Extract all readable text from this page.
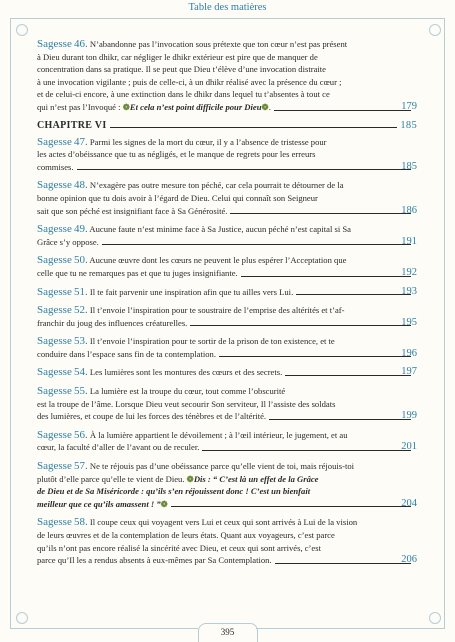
Table des matières
Sagesse 46. N’abandonne pas l’invocation sous prétexte que ton cœur n’est pas présent
à Dieu durant ton dhikr, car négliger le dhikr extérieur est pire que de manquer de
concentration dans sa pratique. Il se peut que Dieu t’élève d’une invocation distraite
à une invocation vigilante ; puis de celle-ci, à un dhikr réalisé avec la présence du cœur ;
et de celui-ci encore, à une extinction dans le dhikr dans lequel tu t’absentes à tout ce
qui n’est pas l’Invoqué : ❁Et cela n’est point difficile pour Dieu❁.	179
CHAPITRE VI	185
Sagesse 47. Parmi les signes de la mort du cœur, il y a l’absence de tristesse pour
les actes d’obéissance que tu as négligés, et le manque de regrets pour les erreurs
commises.	185
Sagesse 48. N’exagère pas outre mesure ton péché, car cela pourrait te détourner de la
bonne opinion que tu dois avoir à l’égard de Dieu. Celui qui connaît son Seigneur
sait que son péché est insignifiant face à Sa Générosité.	186
Sagesse 49. Aucune faute n’est minime face à Sa Justice, aucun péché n’est capital si Sa
Grâce s’y oppose.	191
Sagesse 50. Aucune œuvre dont les cœurs ne peuvent le plus espérer l’Acceptation que
celle que tu ne remarques pas et que tu juges insignifiante.	192
Sagesse 51. Il te fait parvenir une inspiration afin que tu ailles vers Lui.	193
Sagesse 52. Il t’envoie l’inspiration pour te soustraire de l’emprise des altérités et t’af-
franchir du joug des influences créaturelles.	195
Sagesse 53. Il t’envoie l’inspiration pour te sortir de la prison de ton existence, et te
conduire dans l’espace sans fin de ta contemplation.	196
Sagesse 54. Les lumières sont les montures des cœurs et des secrets.	197
Sagesse 55. La lumière est la troupe du cœur, tout comme l’obscurité
est la troupe de l’âme. Lorsque Dieu veut secourir Son serviteur, Il l’assiste des soldats
des lumières, et coupe de lui les forces des ténèbres et de l’altérité.	199
Sagesse 56. À la lumière appartient le dévoilement ; à l’œil intérieur, le jugement, et au
cœur, la faculté d’aller de l’avant ou de reculer.	201
Sagesse 57. Ne te réjouis pas d’une obéissance parce qu’elle vient de toi, mais réjouis-toi
plutôt d’elle parce qu’elle te vient de Dieu. ❁Dis : “ C’est là un effet de la Grâce
de Dieu et de Sa Miséricorde : qu’ils s’en réjouissent donc ! C’est un bienfait
meilleur que ce qu’ils amassent ! ”❁	204
Sagesse 58. Il coupe ceux qui voyagent vers Lui et ceux qui sont arrivés à Lui de la vision
de leurs œuvres et de la contemplation de leurs états. Quant aux voyageurs, c’est parce
qu’ils n’ont pas encore réalisé la sincérité avec Dieu, et ceux qui sont arrivés, c’est
parce qu’Il les a rendus absents à eux-mêmes par Sa Contemplation.	206
395
